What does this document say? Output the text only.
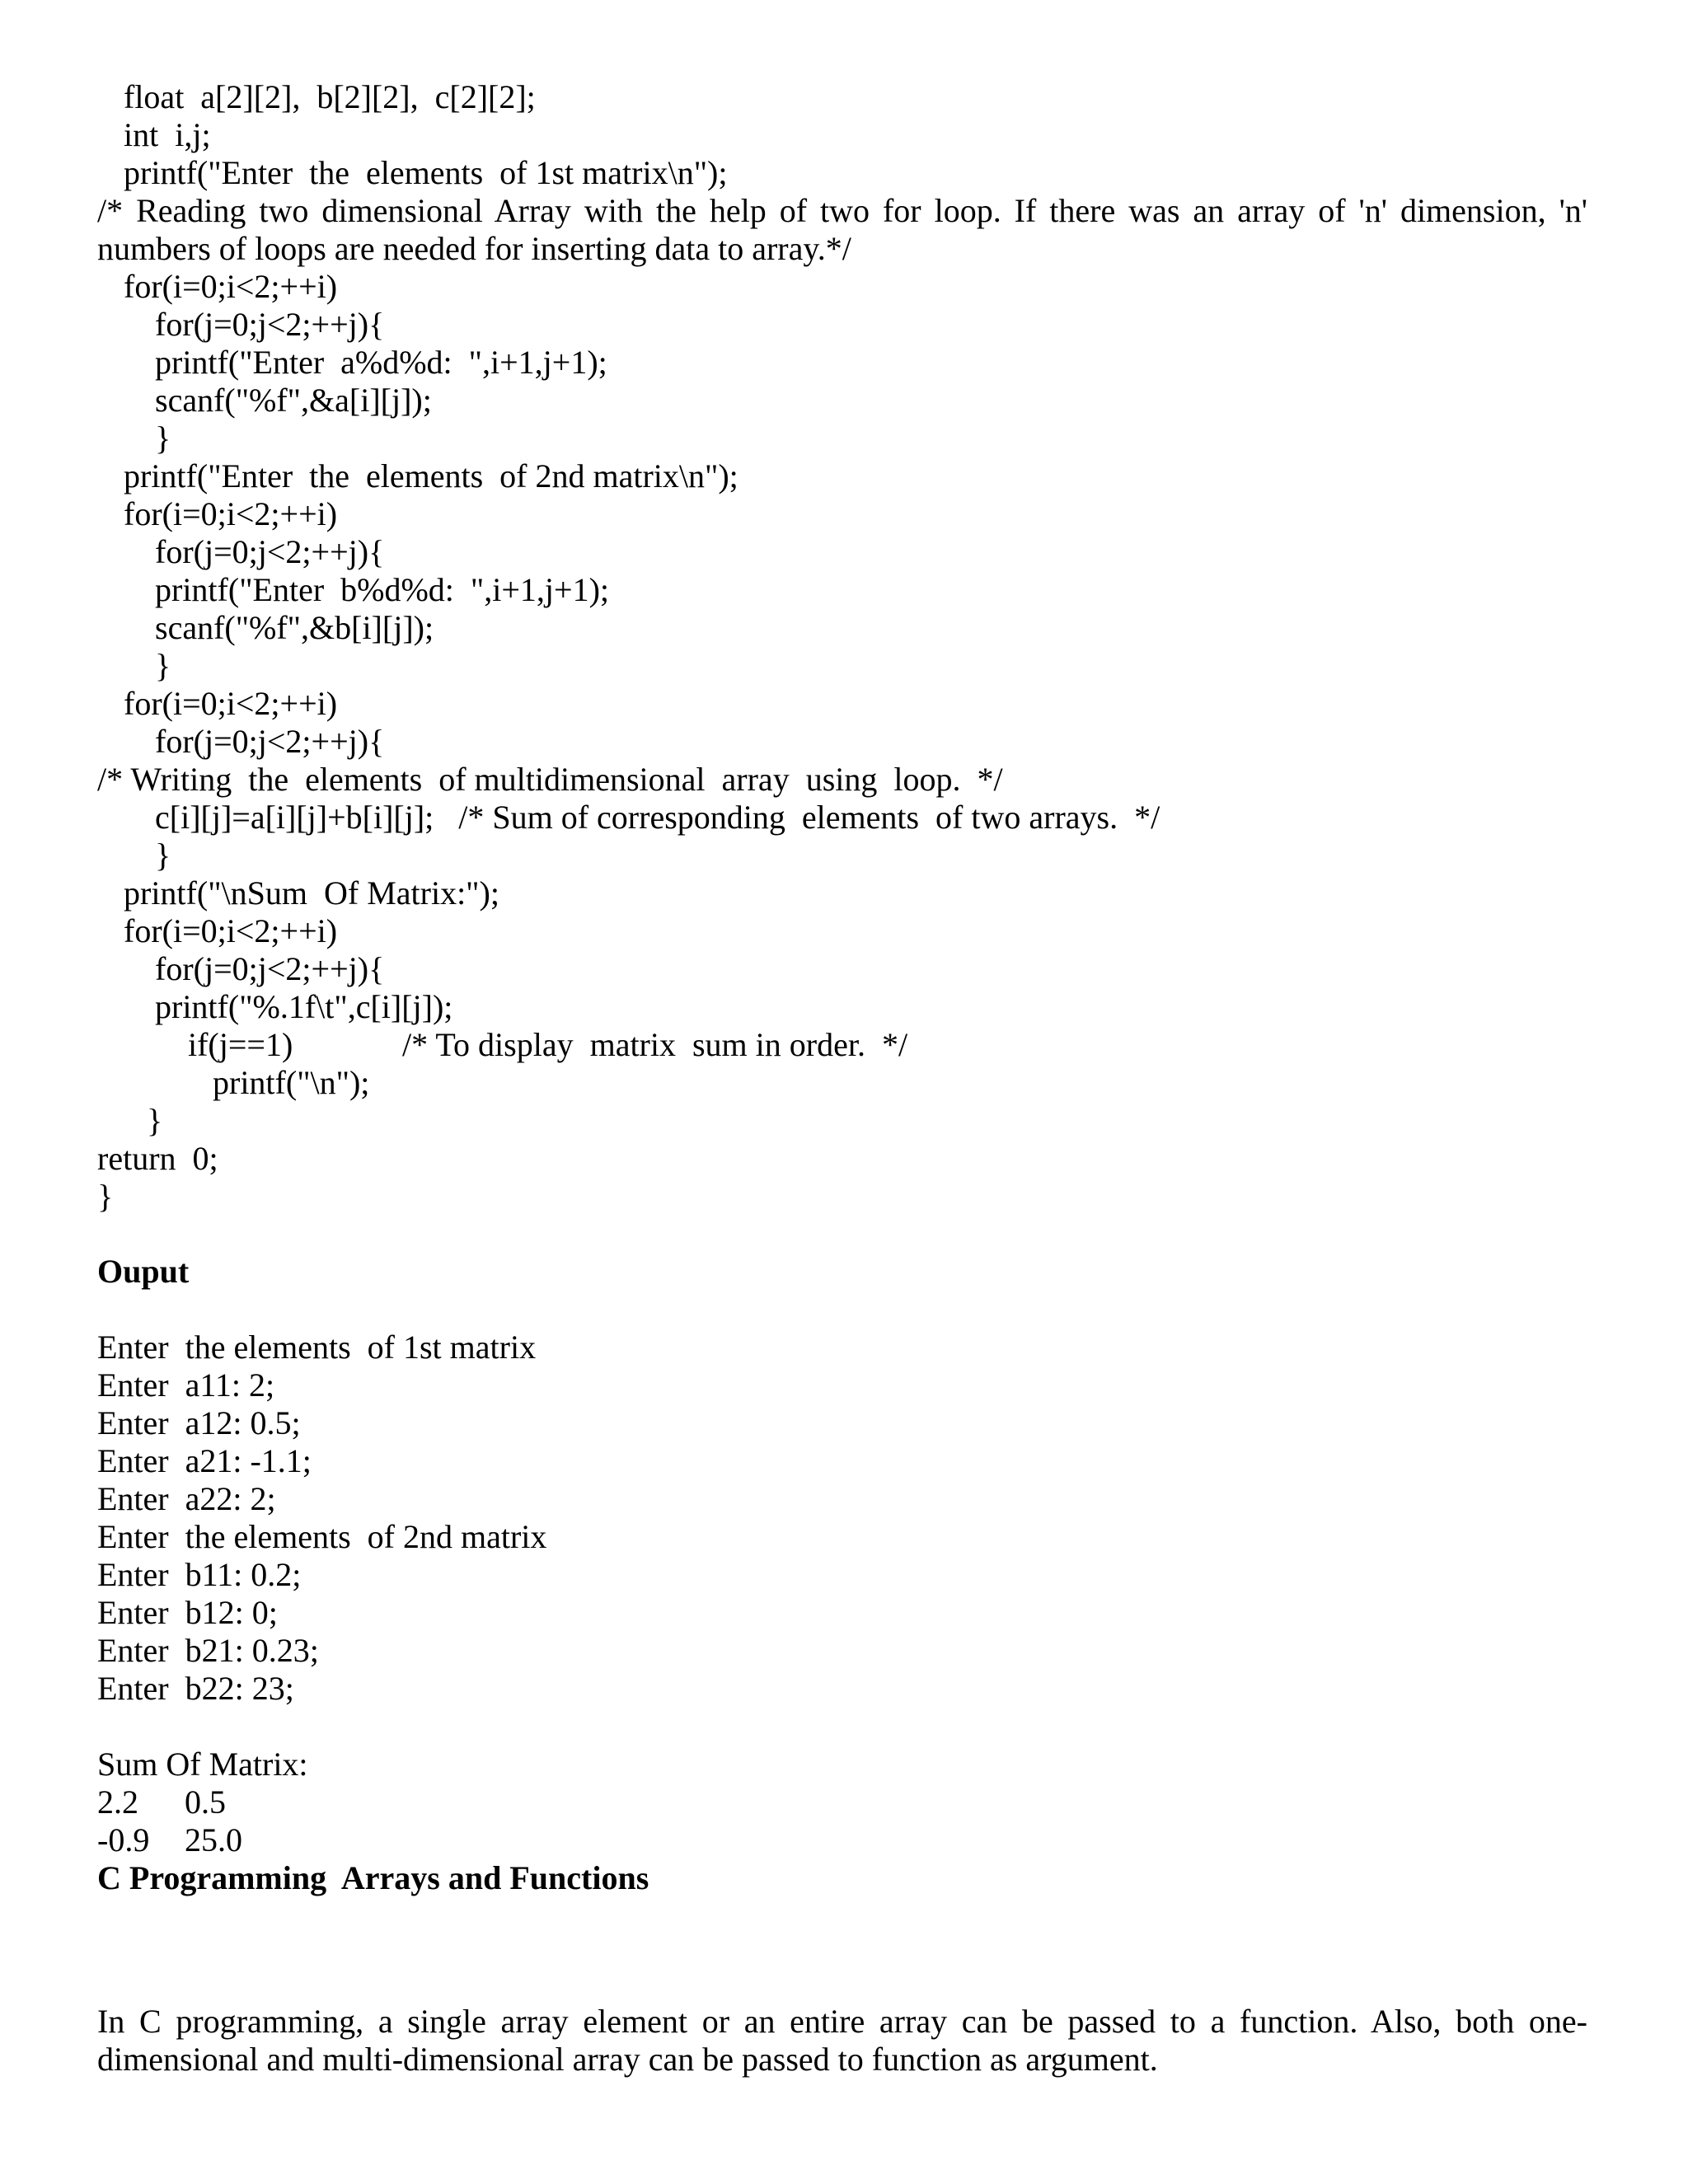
float  a[2][2],  b[2][2],  c[2][2];

int  i,j;

printf("Enter  the  elements  of 1st matrix\n");

/* Reading two dimensional Array with the help of two for loop. If there was an array of 'n' dimension, 'n' numbers of loops are needed for inserting data to array.*/

for(i=0;i<2;++i)

for(j=0;j<2;++j){

printf("Enter  a%d%d:  ",i+1,j+1);

scanf("%f",&a[i][j]);

}

printf("Enter  the  elements  of 2nd matrix\n");

for(i=0;i<2;++i)

for(j=0;j<2;++j){

printf("Enter  b%d%d:  ",i+1,j+1);

scanf("%f",&b[i][j]);

}

for(i=0;i<2;++i)

for(j=0;j<2;++j){

/* Writing  the  elements  of multidimensional  array  using  loop.  */

c[i][j]=a[i][j]+b[i][j];   /* Sum of corresponding  elements  of two arrays.  */

}

printf("\nSum  Of Matrix:");

for(i=0;i<2;++i)

for(j=0;j<2;++j){

printf("%.1f\t",c[i][j]);

if(j==1)	/* To display  matrix  sum in order.  */

printf("\n");

}

return  0;

}

Ouput

Enter  the elements  of 1st matrix

Enter  a11: 2;

Enter  a12: 0.5;

Enter  a21: -1.1;

Enter  a22: 2;

Enter  the elements  of 2nd matrix

Enter  b11: 0.2;

Enter  b12: 0;

Enter  b21: 0.23;

Enter  b22: 23;

Sum Of Matrix:

2.2 0.5
-0.9 25.0

C Programming  Arrays and Functions

In C programming, a single array element or an entire array can be passed to a function. Also, both one-dimensional and multi-dimensional array can be passed to function as argument.
